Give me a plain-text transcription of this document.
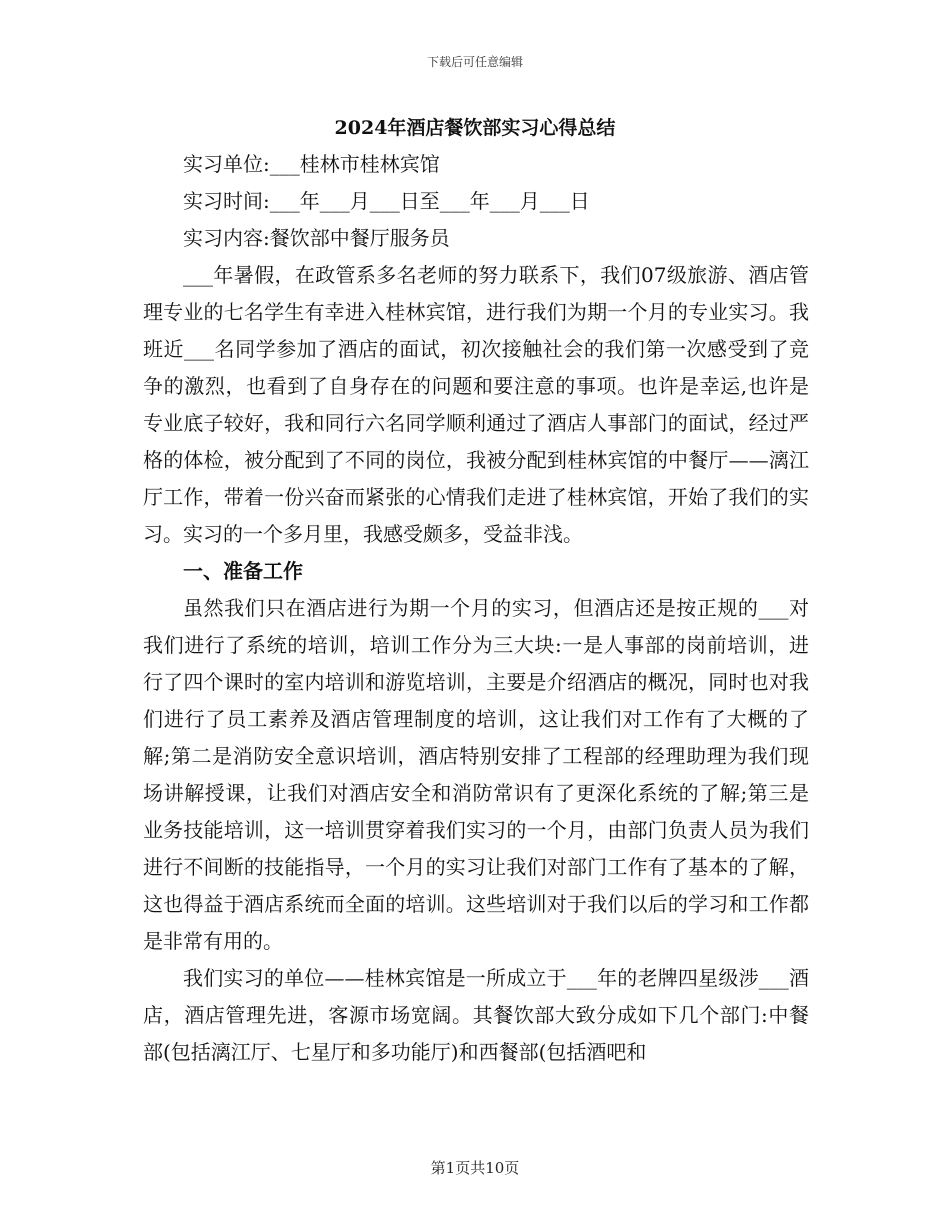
下载后可任意编辑
2024年酒店餐饮部实习心得总结

实习单位:___桂林市桂林宾馆

实习时间:___年___月___日至___年___月___日

实习内容:餐饮部中餐厅服务员

___年暑假，在政管系多名老师的努力联系下，我们07级旅游、酒店管理专业的七名学生有幸进入桂林宾馆，进行我们为期一个月的专业实习。我班近___名同学参加了酒店的面试，初次接触社会的我们第一次感受到了竞争的激烈，也看到了自身存在的问题和要注意的事项。也许是幸运,也许是专业底子较好，我和同行六名同学顺利通过了酒店人事部门的面试，经过严格的体检，被分配到了不同的岗位，我被分配到桂林宾馆的中餐厅——漓江厅工作，带着一份兴奋而紧张的心情我们走进了桂林宾馆，开始了我们的实习。实习的一个多月里，我感受颇多，受益非浅。

一、准备工作

虽然我们只在酒店进行为期一个月的实习，但酒店还是按正规的___对我们进行了系统的培训，培训工作分为三大块:一是人事部的岗前培训，进行了四个课时的室内培训和游览培训，主要是介绍酒店的概况，同时也对我们进行了员工素养及酒店管理制度的培训，这让我们对工作有了大概的了解;第二是消防安全意识培训，酒店特别安排了工程部的经理助理为我们现场讲解授课，让我们对酒店安全和消防常识有了更深化系统的了解;第三是业务技能培训，这一培训贯穿着我们实习的一个月，由部门负责人员为我们进行不间断的技能指导，一个月的实习让我们对部门工作有了基本的了解，这也得益于酒店系统而全面的培训。这些培训对于我们以后的学习和工作都是非常有用的。

我们实习的单位——桂林宾馆是一所成立于___年的老牌四星级涉___酒店，酒店管理先进，客源市场宽阔。其餐饮部大致分成如下几个部门:中餐部(包括漓江厅、七星厅和多功能厅)和西餐部(包括酒吧和

第1页共10页
